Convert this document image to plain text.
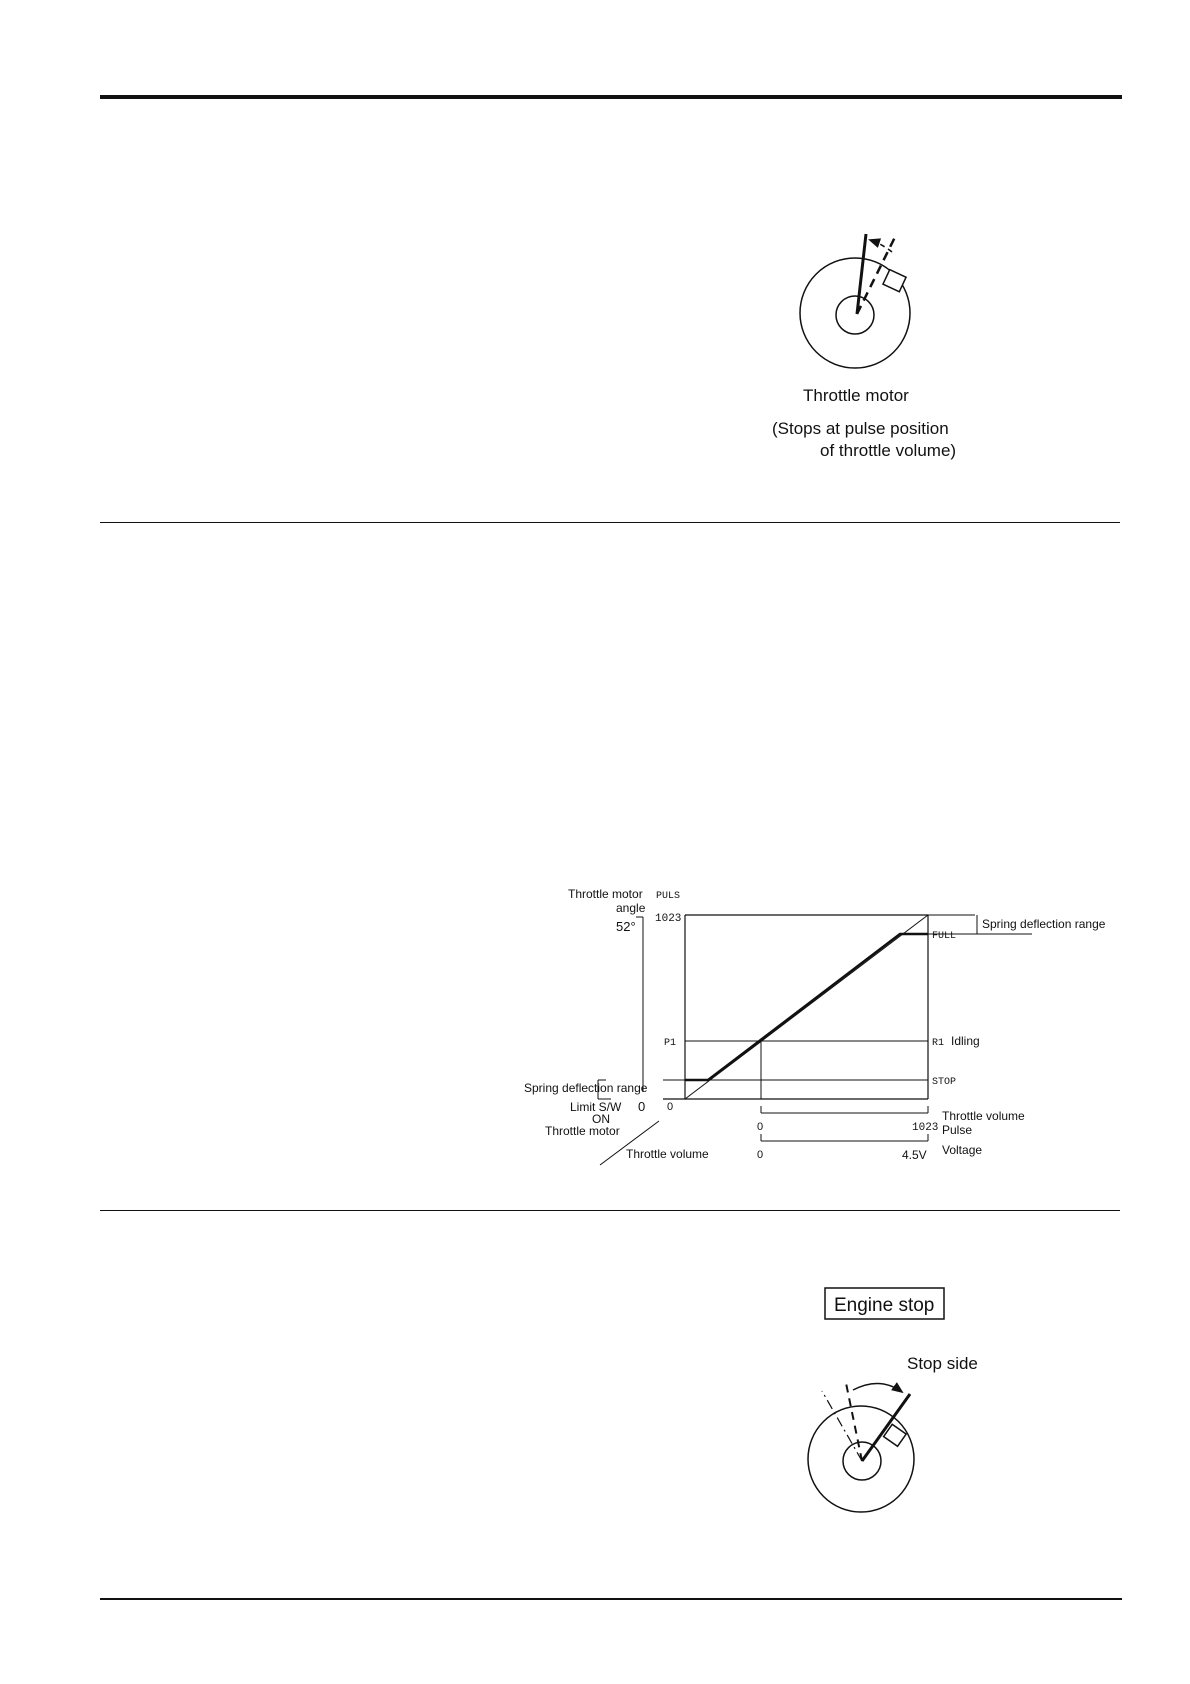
Throttle motor
(Stops at pulse position
of throttle volume)
Throttle motor
angle
52°
PULS
1023
P1
FULL
R1 Idling
STOP
Spring deflection range
Spring deflection range
Limit S/W 0 0
ON
Throttle motor
Throttle volume
0	1023
Throttle volume
Pulse
0	4.5V Voltage
Engine stop
Stop side
